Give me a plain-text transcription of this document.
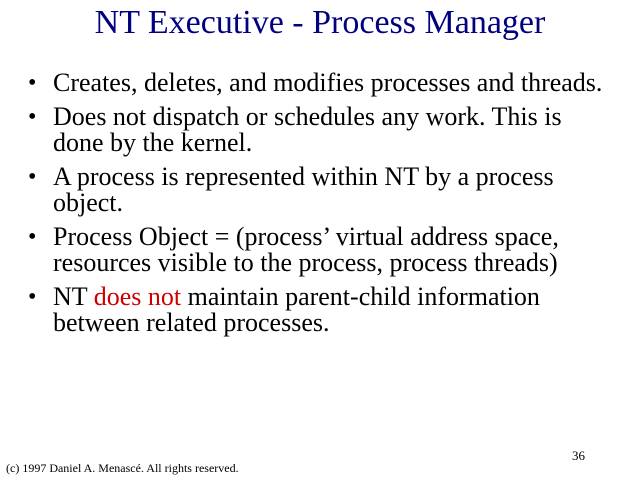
NT Executive - Process Manager
• Creates, deletes, and modifies processes and threads.
• Does not dispatch or schedules any work. This is done by the kernel.
• A process is represented within NT by a process object.
• Process Object = (process’ virtual address space, resources visible to the process, process threads)
• NT does not maintain parent-child information between related processes.
36
(c) 1997 Daniel A. Menascé. All rights reserved.
